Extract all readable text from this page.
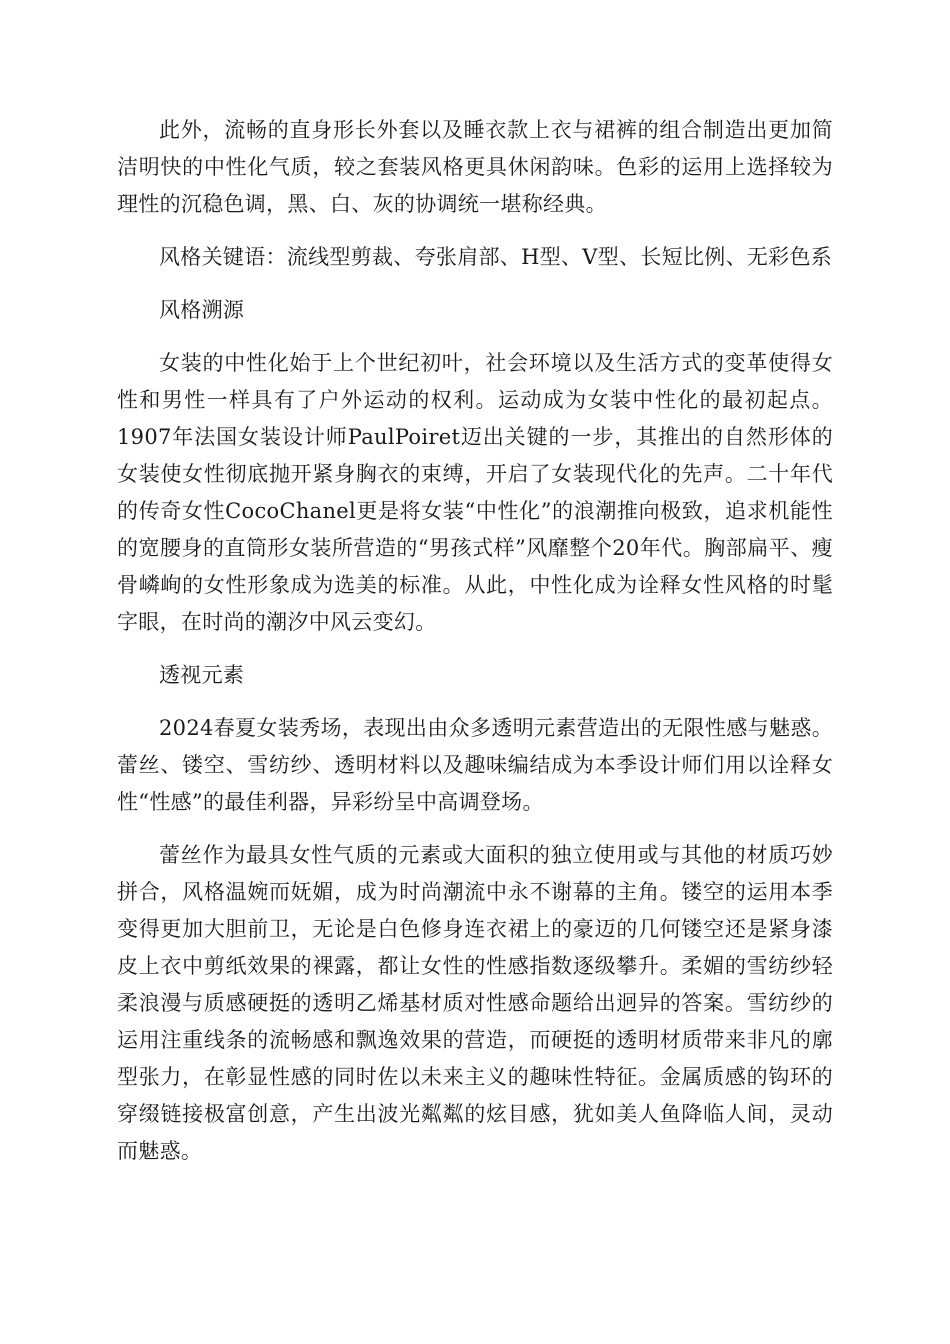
此外，流畅的直身形长外套以及睡衣款上衣与裙裤的组合制造出更加简洁明快的中性化气质，较之套装风格更具休闲韵味。色彩的运用上选择较为理性的沉稳色调，黑、白、灰的协调统一堪称经典。

风格关键语：流线型剪裁、夸张肩部、H型、V型、长短比例、无彩色系

风格溯源

女装的中性化始于上个世纪初叶，社会环境以及生活方式的变革使得女性和男性一样具有了户外运动的权利。运动成为女装中性化的最初起点。1907年法国女装设计师PaulPoiret迈出关键的一步，其推出的自然形体的女装使女性彻底抛开紧身胸衣的束缚，开启了女装现代化的先声。二十年代的传奇女性CocoChanel更是将女装“中性化”的浪潮推向极致，追求机能性的宽腰身的直筒形女装所营造的“男孩式样”风靡整个20年代。胸部扁平、瘦骨嶙峋的女性形象成为选美的标准。从此，中性化成为诠释女性风格的时髦字眼，在时尚的潮汐中风云变幻。

透视元素

2024春夏女装秀场，表现出由众多透明元素营造出的无限性感与魅惑。蕾丝、镂空、雪纺纱、透明材料以及趣味编结成为本季设计师们用以诠释女性“性感”的最佳利器，异彩纷呈中高调登场。

蕾丝作为最具女性气质的元素或大面积的独立使用或与其他的材质巧妙拼合，风格温婉而妩媚，成为时尚潮流中永不谢幕的主角。镂空的运用本季变得更加大胆前卫，无论是白色修身连衣裙上的豪迈的几何镂空还是紧身漆皮上衣中剪纸效果的裸露，都让女性的性感指数逐级攀升。柔媚的雪纺纱轻柔浪漫与质感硬挺的透明乙烯基材质对性感命题给出迥异的答案。雪纺纱的运用注重线条的流畅感和飘逸效果的营造，而硬挺的透明材质带来非凡的廓型张力，在彰显性感的同时佐以未来主义的趣味性特征。金属质感的钩环的穿缀链接极富创意，产生出波光粼粼的炫目感，犹如美人鱼降临人间，灵动而魅惑。
